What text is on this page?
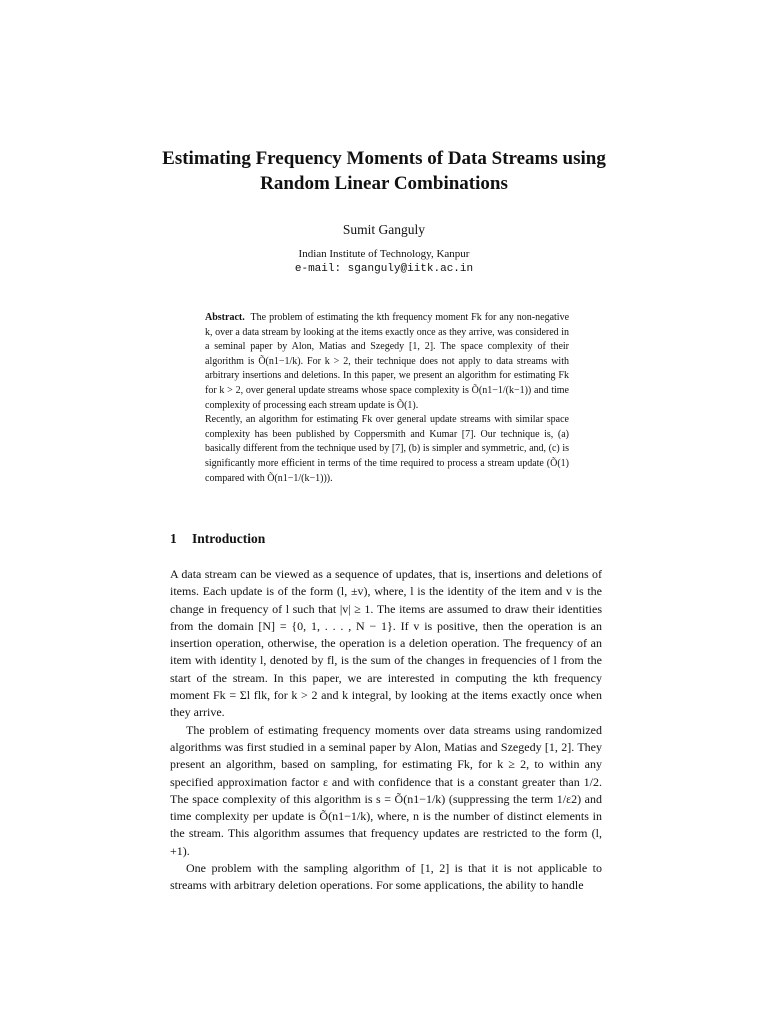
Estimating Frequency Moments of Data Streams using
Random Linear Combinations
Sumit Ganguly
Indian Institute of Technology, Kanpur
e-mail: sganguly@iitk.ac.in

Abstract. The problem of estimating the kth frequency moment Fk for any non-negative k, over a data stream by looking at the items exactly once as they arrive, was considered in a seminal paper by Alon, Matias and Szegedy [1, 2]. The space complexity of their algorithm is Õ(n1−1/k). For k > 2, their technique does not apply to data streams with arbitrary insertions and deletions. In this paper, we present an algorithm for estimating Fk for k > 2, over general update streams whose space complexity is Õ(n1−1/(k−1)) and time complexity of processing each stream update is Õ(1).

Recently, an algorithm for estimating Fk over general update streams with similar space complexity has been published by Coppersmith and Kumar [7]. Our technique is, (a) basically different from the technique used by [7], (b) is simpler and symmetric, and, (c) is significantly more efficient in terms of the time required to process a stream update (Õ(1) compared with Õ(n1−1/(k−1))).

1 Introduction

A data stream can be viewed as a sequence of updates, that is, insertions and deletions of items. Each update is of the form (l, ±v), where, l is the identity of the item and v is the change in frequency of l such that |v| ≥ 1. The items are assumed to draw their identities from the domain [N] = {0, 1, . . . , N − 1}. If v is positive, then the operation is an insertion operation, otherwise, the operation is a deletion operation. The frequency of an item with identity l, denoted by fl, is the sum of the changes in frequencies of l from the start of the stream. In this paper, we are interested in computing the kth frequency moment Fk = Σl flk, for k > 2 and k integral, by looking at the items exactly once when they arrive.

The problem of estimating frequency moments over data streams using randomized algorithms was first studied in a seminal paper by Alon, Matias and Szegedy [1, 2]. They present an algorithm, based on sampling, for estimating Fk, for k ≥ 2, to within any specified approximation factor ε and with confidence that is a constant greater than 1/2. The space complexity of this algorithm is s = Õ(n1−1/k) (suppressing the term 1/ε2) and time complexity per update is Õ(n1−1/k), where, n is the number of distinct elements in the stream. This algorithm assumes that frequency updates are restricted to the form (l, +1).

One problem with the sampling algorithm of [1, 2] is that it is not applicable to streams with arbitrary deletion operations. For some applications, the ability to handle
